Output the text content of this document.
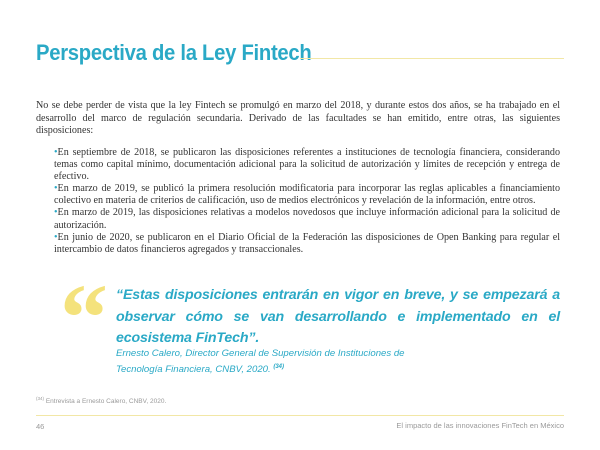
Perspectiva de la Ley Fintech

No se debe perder de vista que la ley Fintech se promulgó en marzo del 2018, y durante estos dos años, se ha trabajado en el desarrollo del marco de regulación secundaria. Derivado de las facultades se han emitido, entre otras, las siguientes disposiciones:

•En septiembre de 2018, se publicaron las disposiciones referentes a instituciones de tecnología financiera, considerando temas como capital mínimo, documentación adicional para la solicitud de autorización y límites de recepción y entrega de efectivo.
•En marzo de 2019, se publicó la primera resolución modificatoria para incorporar las reglas aplicables a financiamiento colectivo en materia de criterios de calificación, uso de medios electrónicos y revelación de la información, entre otros.
•En marzo de 2019, las disposiciones relativas a modelos novedosos que incluye información adicional para la solicitud de autorización.
•En junio de 2020, se publicaron en el Diario Oficial de la Federación las disposiciones de Open Banking para regular el intercambio de datos financieros agregados y transaccionales.
“ “Estas disposiciones entrarán en vigor en breve, y se empezará a observar cómo se van desarrollando e implementado en el ecosistema FinTech”.

Ernesto Calero, Director General de Supervisión de Instituciones de Tecnología Financiera, CNBV, 2020. $^{(34)}$
$^{(34)}$ Entrevista a Ernesto Calero, CNBV, 2020.
46	El impacto de las innovaciones FinTech en México
